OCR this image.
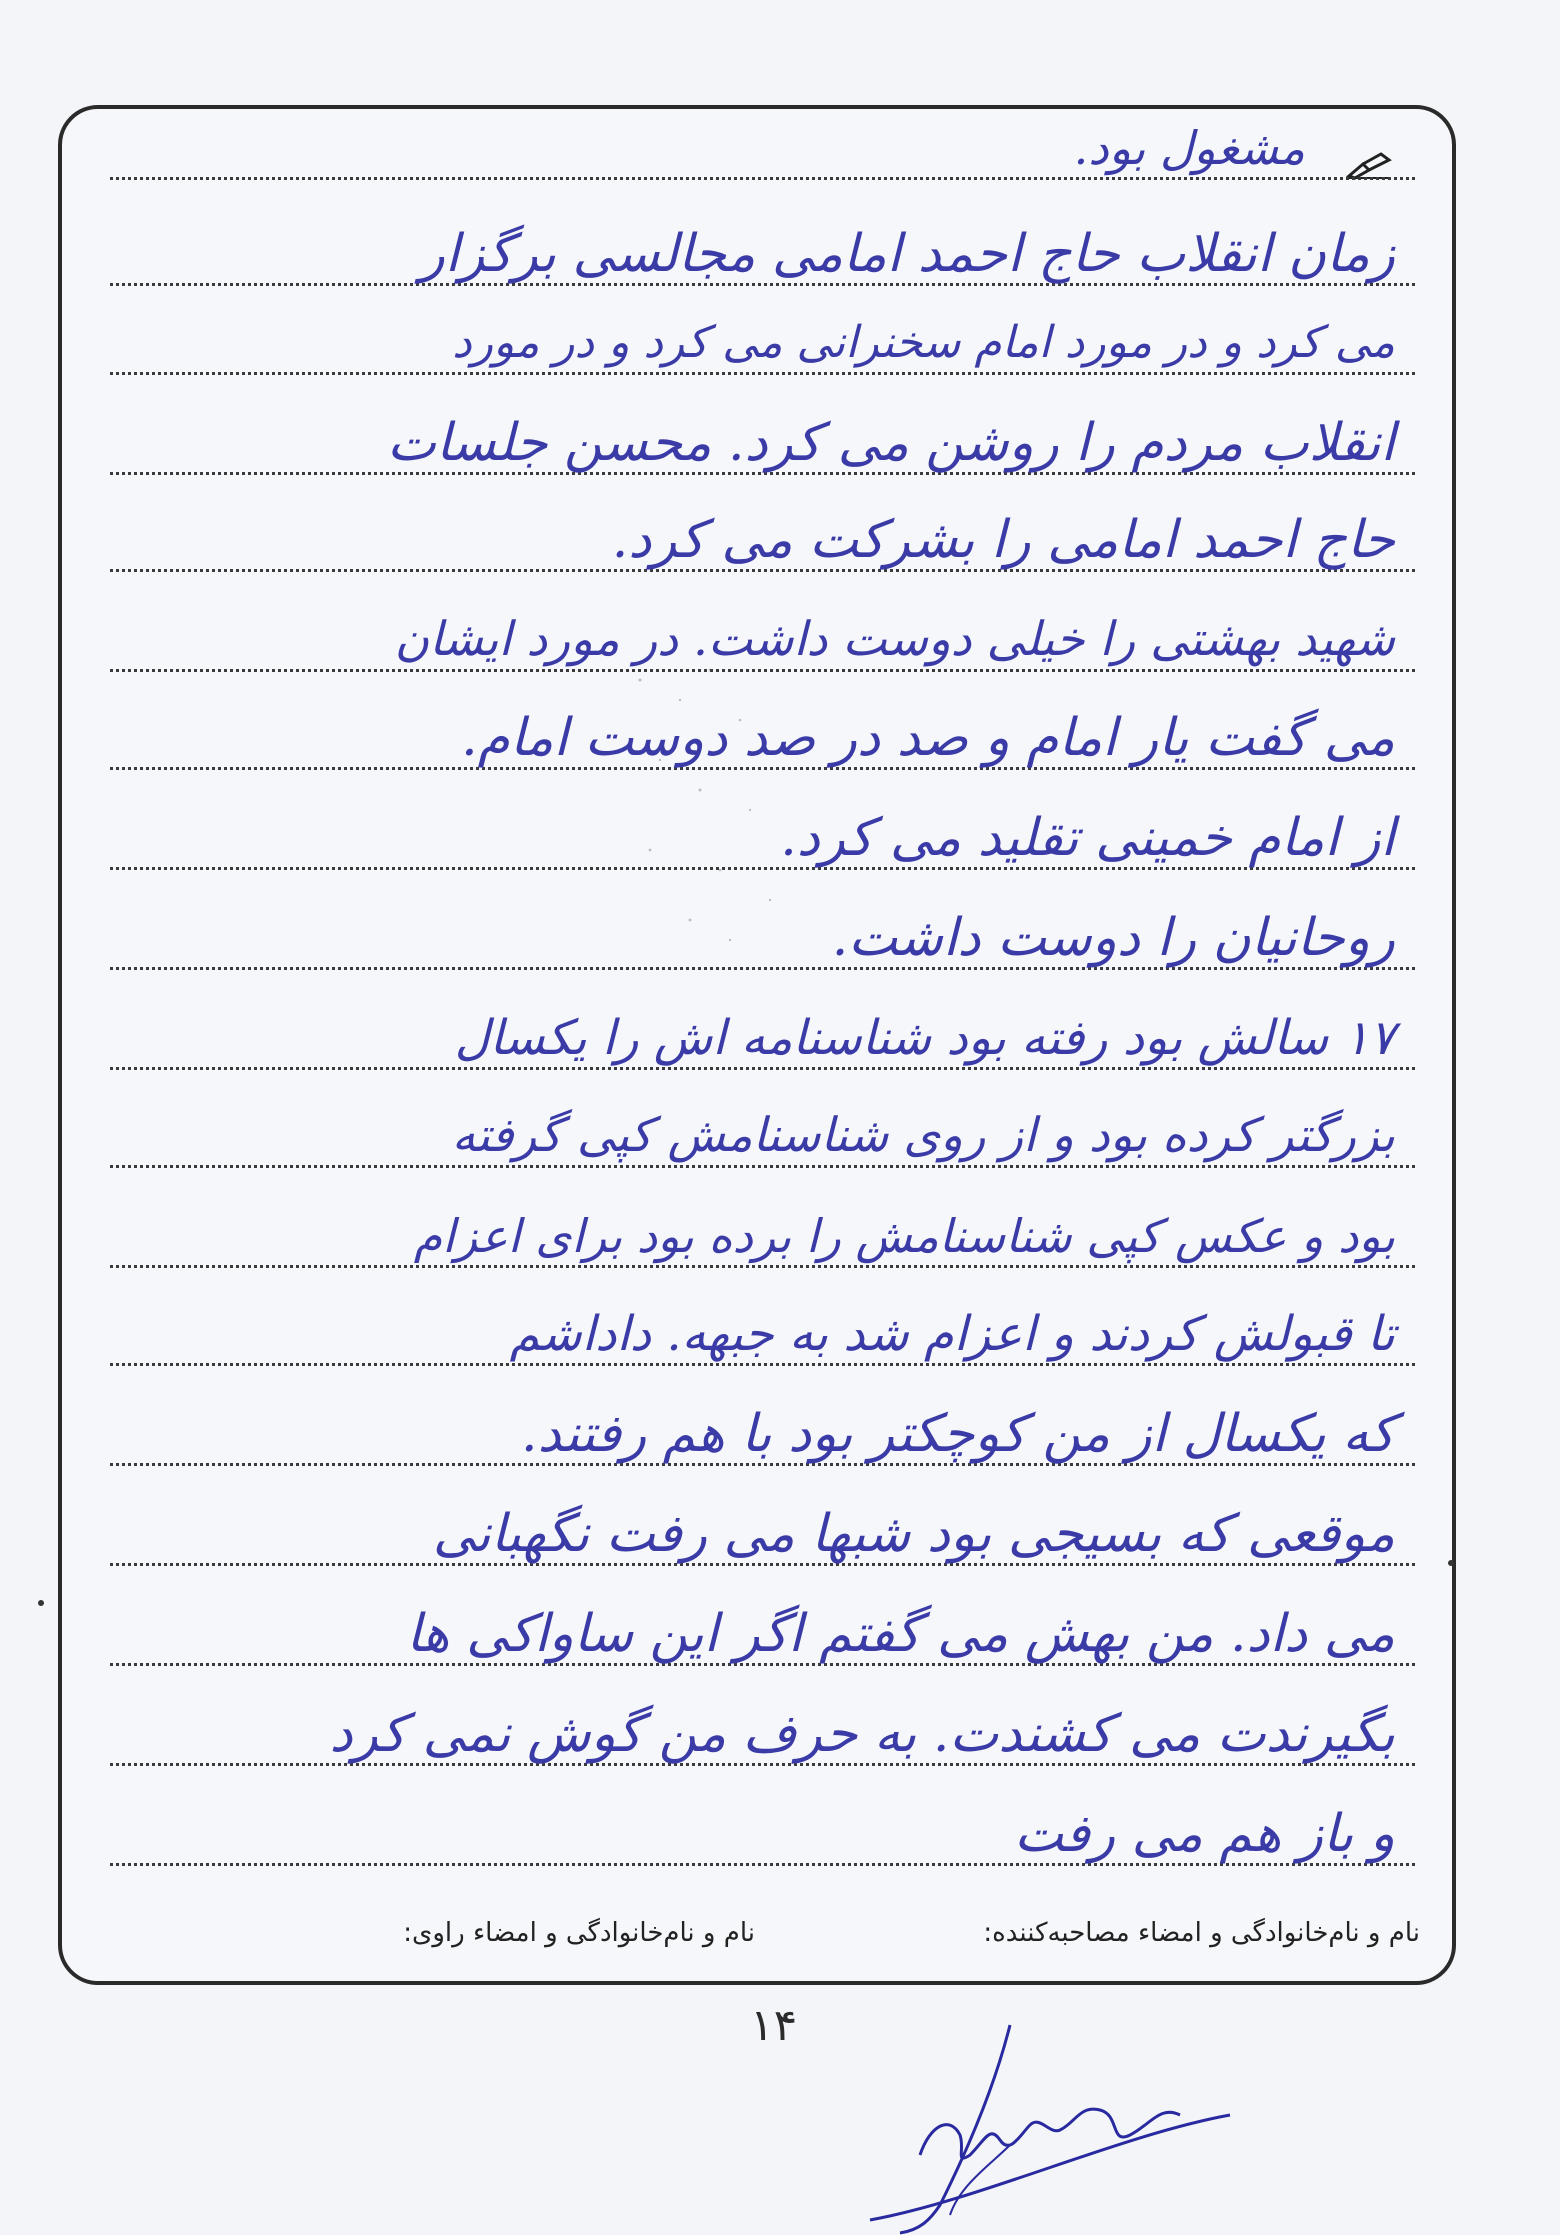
مشغول بود.
زمان انقلاب حاج احمد امامی مجالسی برگزار
می کرد و در مورد امام سخنرانی می کرد و در مورد
انقلاب مردم را روشن می کرد. محسن جلسات
حاج احمد امامی را بشرکت می کرد.
شهید بهشتی را خیلی دوست داشت. در مورد ایشان
می گفت یار امام و صد در صد دوست امام.
از امام خمینی تقلید می کرد.
روحانیان را دوست داشت.
۱۷ سالش بود رفته بود شناسنامه اش را یکسال
بزرگتر کرده بود و از روی شناسنامش کپی گرفته
بود و عکس کپی شناسنامش را برده بود برای اعزام
تا قبولش کردند و اعزام شد به جبهه. داداشم
که یکسال از من کوچکتر بود با هم رفتند.
موقعی که بسیجی بود شبها می رفت نگهبانی
می داد. من بهش می گفتم اگر این ساواکی ها
بگیرندت می کشندت. به حرف من گوش نمی کرد
و باز هم می رفت
نام و نام‌خانوادگی و امضاء مصاحبه‌کننده:
نام و نام‌خانوادگی و امضاء راوی:
۱۴
